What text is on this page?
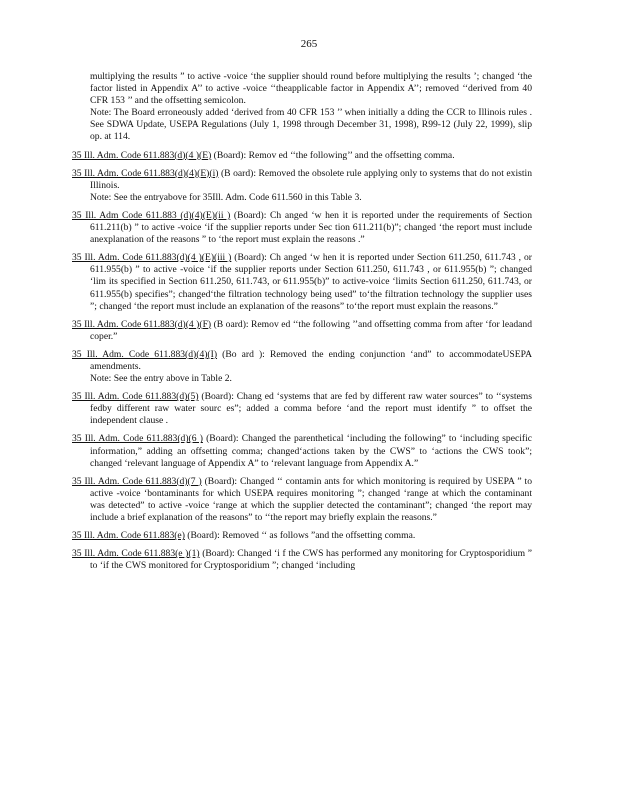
265

multiplying the results ” to active -voice ‘the supplier should round before multiplying the results ’; changed ‘the factor listed in Appendix A’’ to active -voice ‘‘theapplicable factor in Appendix A’’; removed ‘‘derived from 40 CFR 153 ’’ and the offsetting semicolon.
Note: The Board erroneously added ‘derived from 40 CFR 153 ’’ when initially a dding the CCR to Illinois rules . See SDWA Update, USEPA Regulations (July 1, 1998 through December 31, 1998), R99-12 (July 22, 1999), slip op. at 114.

35 Ill. Adm. Code 611.883(d)(4 )(E) (Board): Remov ed ‘‘the following’’ and the offsetting comma.

35 Ill. Adm. Code 611.883(d)(4)(E)(i) (B oard): Removed the obsolete rule applying only to systems that do not existin Illinois.
Note: See the entryabove for 35Ill. Adm. Code 611.560 in this Table 3.

35 Ill. Adm Code 611.883 (d)(4)(E)(ii ) (Board): Ch anged ‘w hen it is reported under the requirements of Section 611.211(b) ” to active -voice ‘if the supplier reports under Sec tion 611.211(b)”; changed ‘the report must include anexplanation of the reasons ” to ‘the report must explain the reasons .”

35 Ill. Adm. Code 611.883(d)(4 )(E)(iii ) (Board): Ch anged ‘w hen it is reported under Section 611.250, 611.743 , or 611.955(b) ” to active -voice ‘if the supplier reports under Section 611.250, 611.743 , or 611.955(b) ”; changed ‘lim its specified in Section 611.250, 611.743, or 611.955(b)” to active-voice ‘limits Section 611.250, 611.743, or 611.955(b) specifies”; changed‘the filtration technology being used” to‘the filtration technology the supplier uses ”; changed ‘the report must include an explanation of the reasons” to‘the report must explain the reasons.”

35 Ill. Adm. Code 611.883(d)(4 )(F) (B oard): Remov ed ‘‘the following ’’and offsetting comma from after ‘for leadand coper.”

35 Ill. Adm. Code 611.883(d)(4)(I) (Bo ard ): Removed the ending conjunction ‘and” to accommodateUSEPA amendments.
Note: See the entry above in Table 2.

35 Ill. Adm. Code 611.883(d)(5) (Board): Chang ed ‘systems that are fed by different raw water sources” to ‘‘systems fedby different raw water sourc es”; added a comma before ‘and the report must identify ” to offset the independent clause .

35 Ill. Adm. Code 611.883(d)(6 ) (Board): Changed the parenthetical ‘including the following” to ‘including specific information,” adding an offsetting comma; changed‘actions taken by the CWS” to ‘actions the CWS took”; changed ‘relevant language of Appendix A” to ‘relevant language from Appendix A.”

35 Ill. Adm. Code 611.883(d)(7 ) (Board): Changed ‘‘ contamin ants for which monitoring is required by USEPA ” to active -voice ‘bontaminants for which USEPA requires monitoring ”; changed ‘range at which the contaminant was detected” to active -voice ‘range at which the supplier detected the contaminant”; changed ‘the report may include a brief explanation of the reasons” to ‘‘the report may briefly explain the reasons.”

35 Ill. Adm. Code 611.883(e) (Board): Removed ‘‘ as follows ”and the offsetting comma.

35 Ill. Adm. Code 611.883(e )(1) (Board): Changed ‘i f the CWS has performed any monitoring for Cryptosporidium ” to ‘if the CWS monitored for Cryptosporidium ”; changed ‘including
